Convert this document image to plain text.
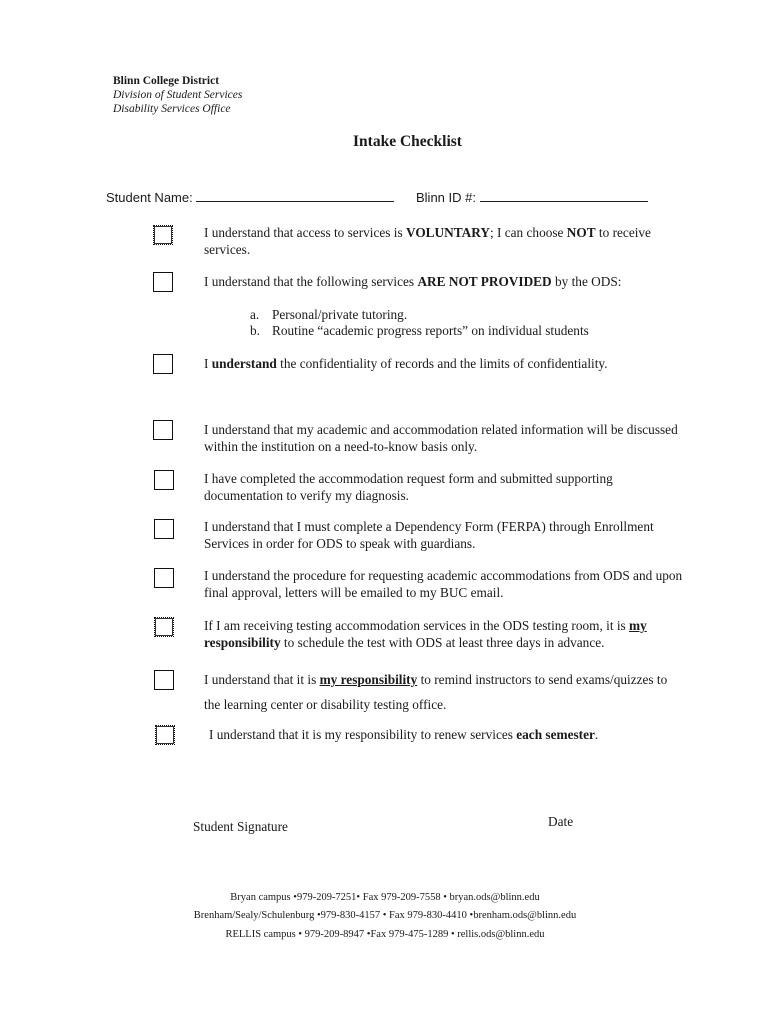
Blinn College District
Division of Student Services
Disability Services Office
Intake Checklist
Student Name:	Blinn ID #:
I understand that access to services is VOLUNTARY; I can choose NOT to receive
services.
I understand that the following services ARE NOT PROVIDED by the ODS:
a. Personal/private tutoring.
b. Routine “academic progress reports” on individual students
I understand the confidentiality of records and the limits of confidentiality.
I understand that my academic and accommodation related information will be discussed
within the institution on a need-to-know basis only.
I have completed the accommodation request form and submitted supporting
documentation to verify my diagnosis.
I understand that I must complete a Dependency Form (FERPA) through Enrollment
Services in order for ODS to speak with guardians.
I understand the procedure for requesting academic accommodations from ODS and upon
final approval, letters will be emailed to my BUC email.
If I am receiving testing accommodation services in the ODS testing room, it is my
responsibility to schedule the test with ODS at least three days in advance.
I understand that it is my responsibility to remind instructors to send exams/quizzes to
the learning center or disability testing office.
I understand that it is my responsibility to renew services each semester.
Student Signature	Date
Bryan campus •979-209-7251• Fax 979-209-7558 • bryan.ods@blinn.edu
Brenham/Sealy/Schulenburg •979-830-4157 • Fax 979-830-4410 •brenham.ods@blinn.edu
RELLIS campus • 979-209-8947 •Fax 979-475-1289 • rellis.ods@blinn.edu
